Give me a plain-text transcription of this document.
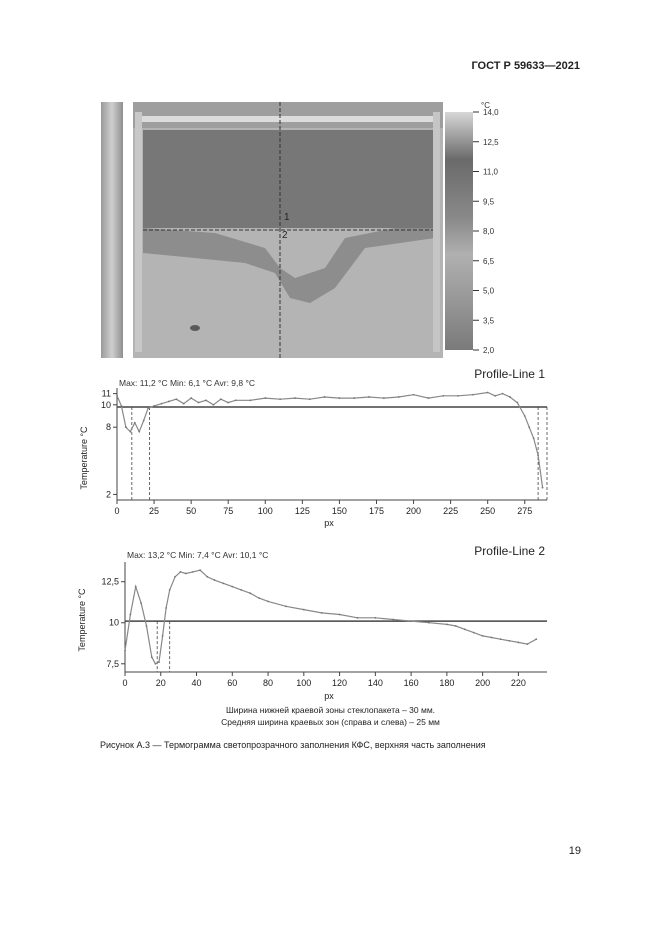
ГОСТ Р 59633—2021
1
2
°C
14,0
12,5
11,0
9,5
8,0
6,5
5,0
3,5
2,0
Profile-Line 1
Max: 11,2 °C Min: 6,1 °C Avr: 9,8 °C
Temperature °C
px
11
10
8
2
0	25	50	75	100 125 150 175 200 225 250 275
Profile-Line 2
Max: 13,2 °C Min: 7,4 °C Avr: 10,1 °C
Temperature °C
px
12,5
10
7,5
0	20	40	60	80	100 120 140 160 180 200 220
Ширина нижней краевой зоны стеклопакета – 30 мм.
Средняя ширина краевых зон (справа и слева) – 25 мм
Рисунок А.3 — Термограмма светопрозрачного заполнения КФС, верхняя часть заполнения
19
